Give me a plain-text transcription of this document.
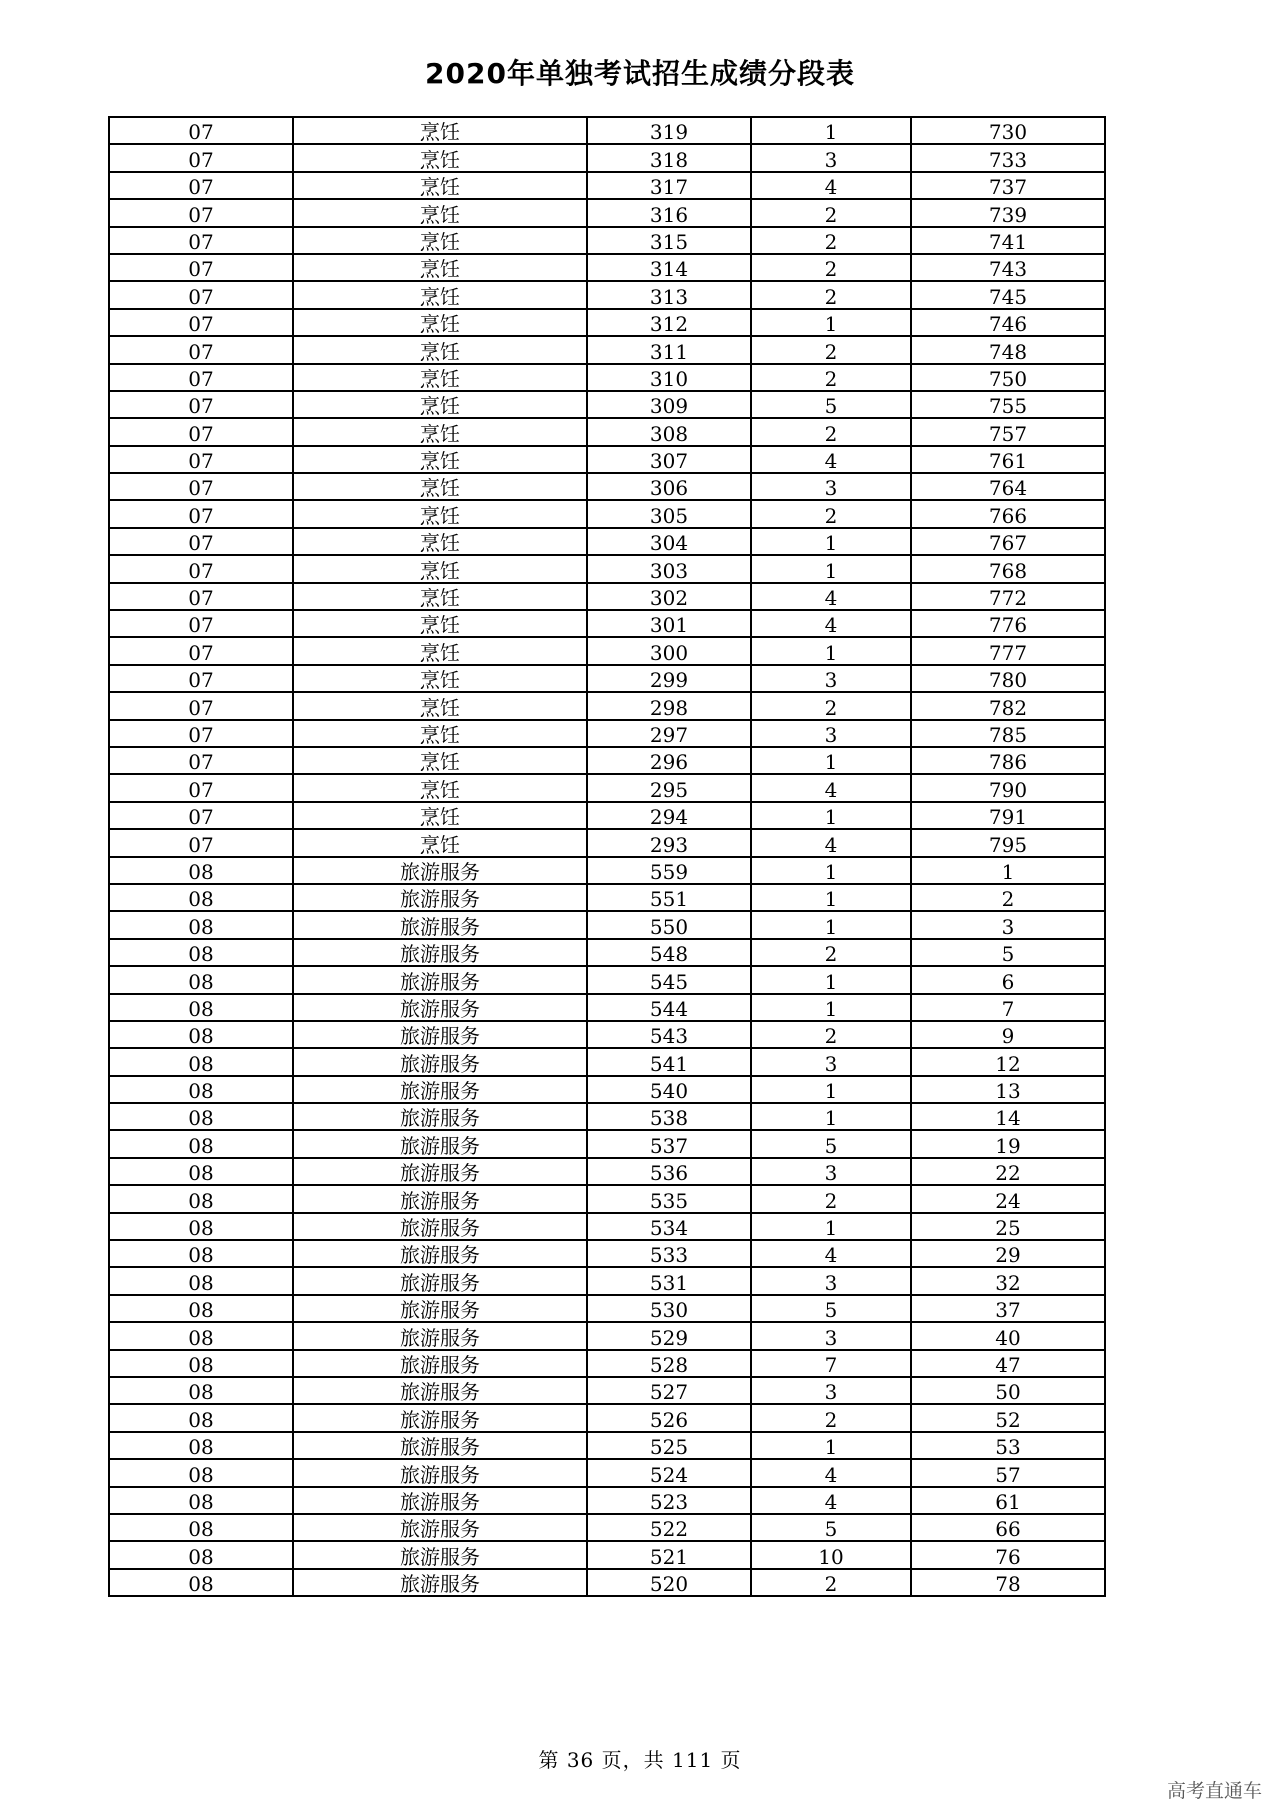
2020年单独考试招生成绩分段表
07	烹饪	319	1	730
07	烹饪	318	3	733
07	烹饪	317	4	737
07	烹饪	316	2	739
07	烹饪	315	2	741
07	烹饪	314	2	743
07	烹饪	313	2	745
07	烹饪	312	1	746
07	烹饪	311	2	748
07	烹饪	310	2	750
07	烹饪	309	5	755
07	烹饪	308	2	757
07	烹饪	307	4	761
07	烹饪	306	3	764
07	烹饪	305	2	766
07	烹饪	304	1	767
07	烹饪	303	1	768
07	烹饪	302	4	772
07	烹饪	301	4	776
07	烹饪	300	1	777
07	烹饪	299	3	780
07	烹饪	298	2	782
07	烹饪	297	3	785
07	烹饪	296	1	786
07	烹饪	295	4	790
07	烹饪	294	1	791
07	烹饪	293	4	795
08	旅游服务	559	1	1
08	旅游服务	551	1	2
08	旅游服务	550	1	3
08	旅游服务	548	2	5
08	旅游服务	545	1	6
08	旅游服务	544	1	7
08	旅游服务	543	2	9
08	旅游服务	541	3	12
08	旅游服务	540	1	13
08	旅游服务	538	1	14
08	旅游服务	537	5	19
08	旅游服务	536	3	22
08	旅游服务	535	2	24
08	旅游服务	534	1	25
08	旅游服务	533	4	29
08	旅游服务	531	3	32
08	旅游服务	530	5	37
08	旅游服务	529	3	40
08	旅游服务	528	7	47
08	旅游服务	527	3	50
08	旅游服务	526	2	52
08	旅游服务	525	1	53
08	旅游服务	524	4	57
08	旅游服务	523	4	61
08	旅游服务	522	5	66
08	旅游服务	521	10	76
08	旅游服务	520	2	78
第 36 页，共 111 页
高考直通车
